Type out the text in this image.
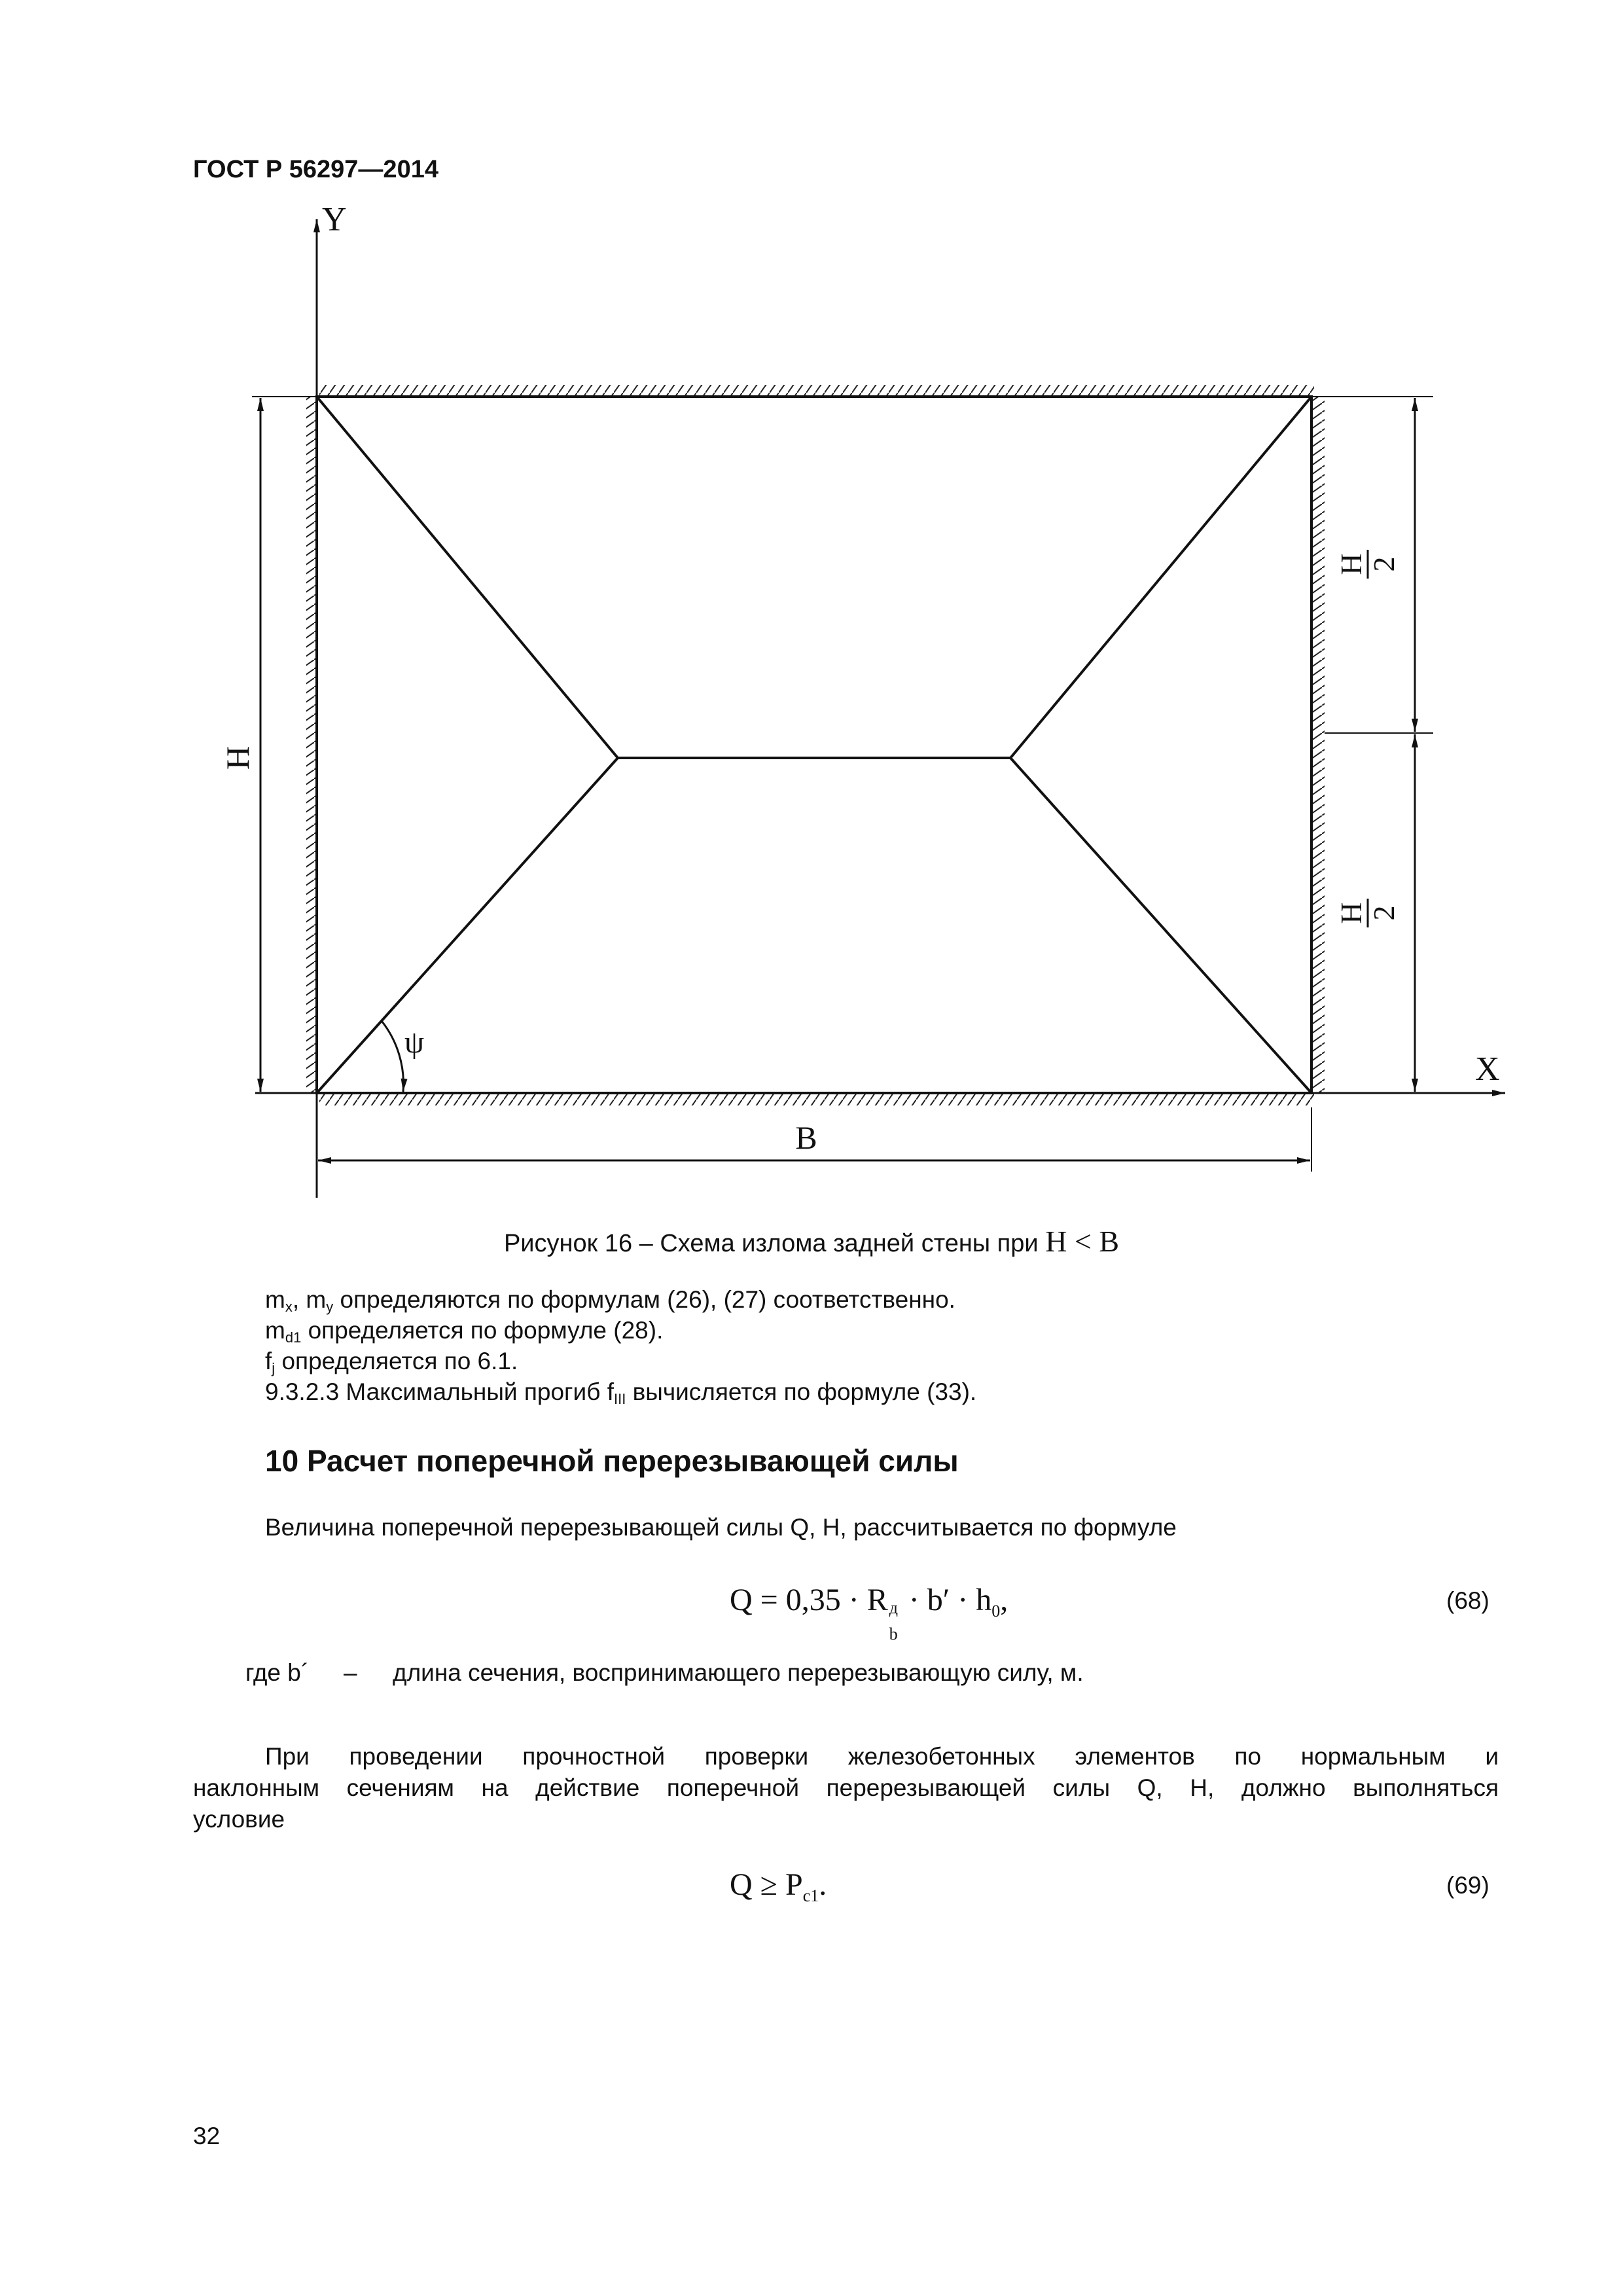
ГОСТ Р 56297—2014
Y
X
H
B
H 2
H 2
ψ
Рисунок 16 – Схема излома задней стены при H < B
$m_x$, $m_y$ определяются по формулам (26), (27) соответственно.
$m_{d1}$ определяется по формуле (28).
$f_j$ определяется по 6.1.
9.3.2.3 Максимальный прогиб $f_{III}$ вычисляется по формуле (33).
10 Расчет поперечной перерезывающей силы
Величина поперечной перерезывающей силы Q, Н, рассчитывается по формуле
Q = 0,35 · R д
b
· $b' \cdot h_0$,	(68)
где b´ – длина сечения, воспринимающего перерезывающую силу, м.
При проведении прочностной проверки железобетонных элементов по нормальным и
наклонным сечениям на действие поперечной перерезывающей силы Q, Н, должно выполняться
условие
$Q \ge P_{c1}$.	(69)
32
